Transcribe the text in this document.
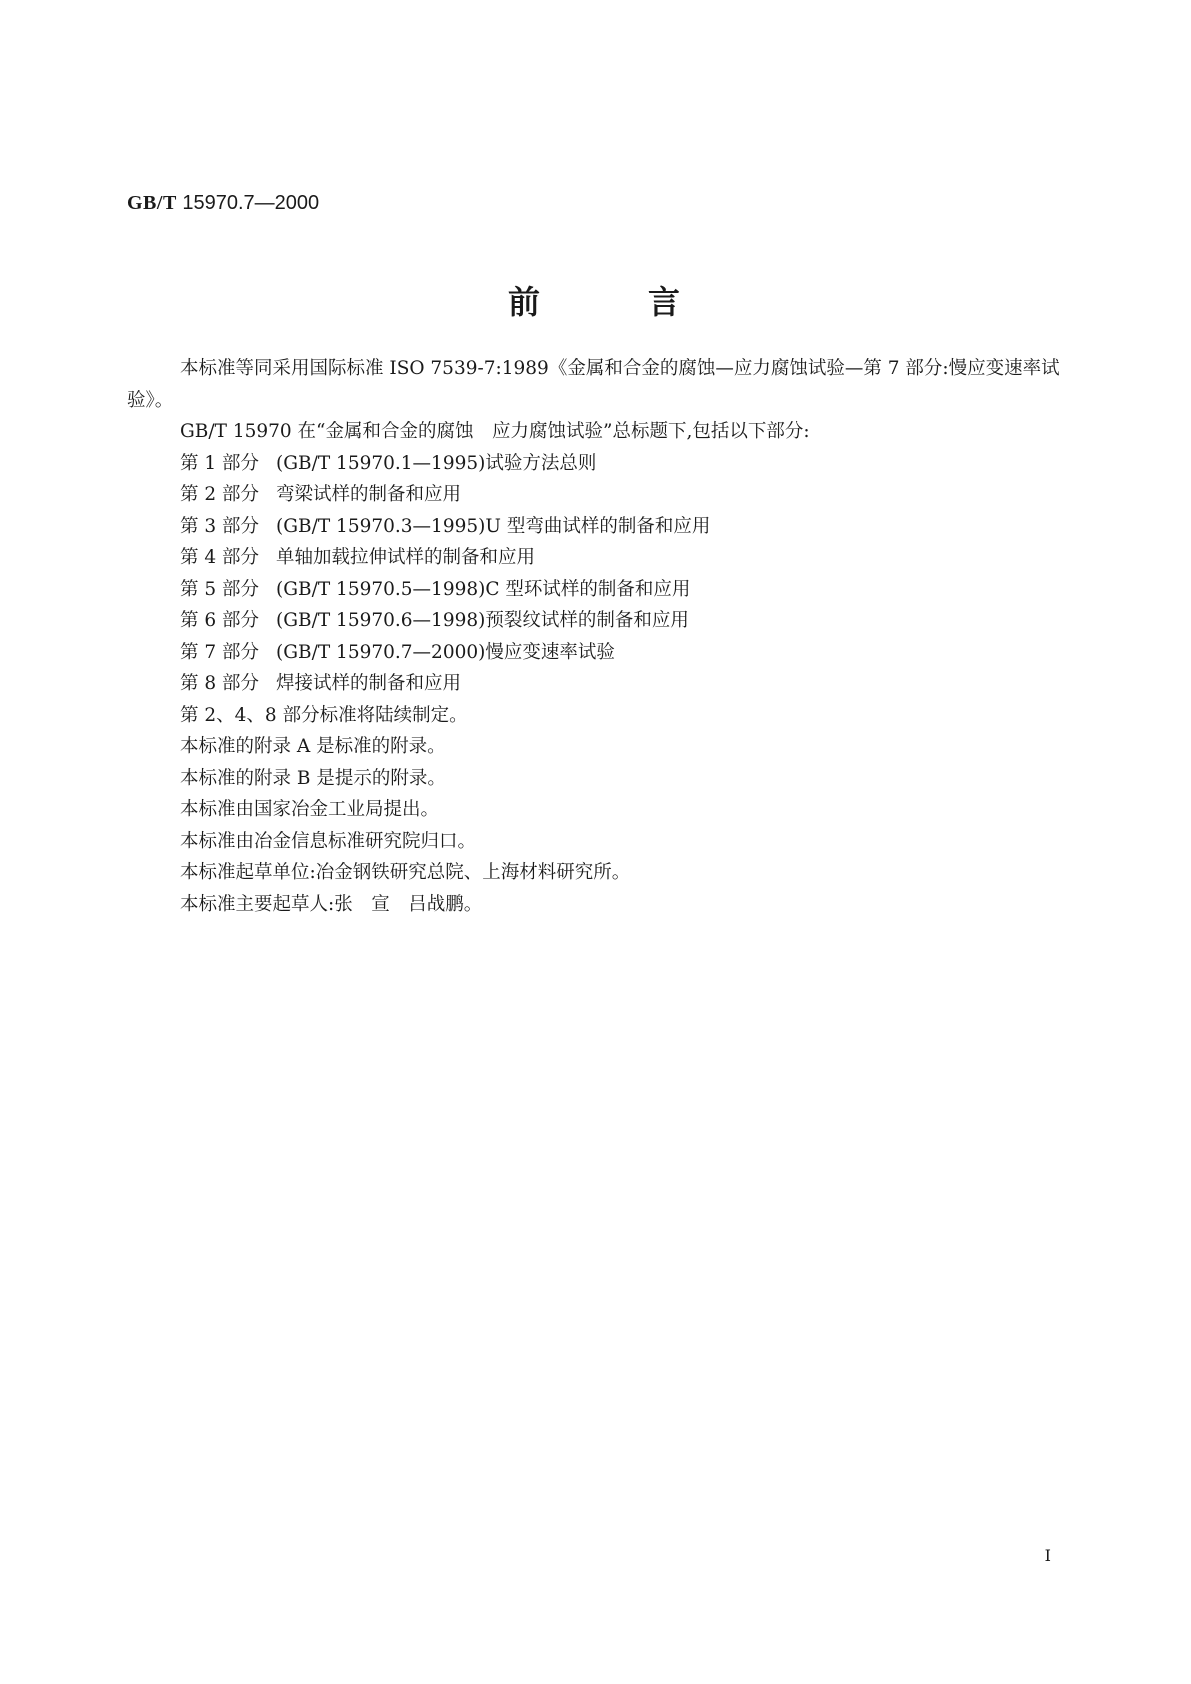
GB/T 15970.7—2000
前　　　言

本标准等同采用国际标准 ISO 7539-7:1989《金属和合金的腐蚀—应力腐蚀试验—第 7 部分:慢应变速率试验》。

GB/T 15970 在“金属和合金的腐蚀　应力腐蚀试验”总标题下,包括以下部分:

第 1 部分 (GB/T 15970.1—1995)试验方法总则
第 2 部分 弯梁试样的制备和应用
第 3 部分 (GB/T 15970.3—1995)U 型弯曲试样的制备和应用
第 4 部分 单轴加载拉伸试样的制备和应用
第 5 部分 (GB/T 15970.5—1998)C 型环试样的制备和应用
第 6 部分 (GB/T 15970.6—1998)预裂纹试样的制备和应用
第 7 部分 (GB/T 15970.7—2000)慢应变速率试验
第 8 部分 焊接试样的制备和应用

第 2、4、8 部分标准将陆续制定。

本标准的附录 A 是标准的附录。

本标准的附录 B 是提示的附录。

本标准由国家冶金工业局提出。

本标准由冶金信息标准研究院归口。

本标准起草单位:冶金钢铁研究总院、上海材料研究所。

本标准主要起草人:张　宣　吕战鹏。

I
